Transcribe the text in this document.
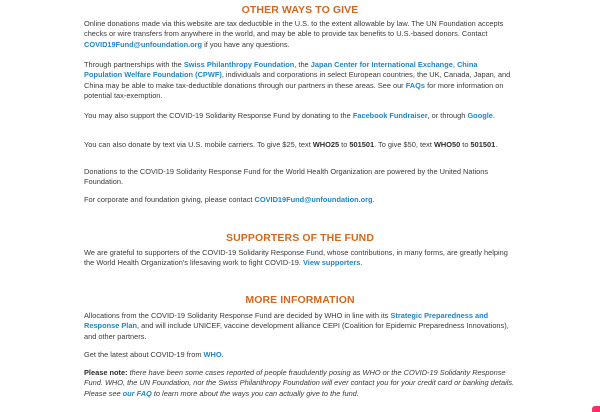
OTHER WAYS TO GIVE

Online donations made via this website are tax deductible in the U.S. to the extent allowable by law. The UN Foundation accepts checks or wire transfers from anywhere in the world, and may be able to provide tax benefits to U.S.-based donors. Contact COVID19Fund@unfoundation.org if you have any questions.

Through partnerships with the Swiss Philanthropy Foundation, the Japan Center for International Exchange, China Population Welfare Foundation (CPWF), individuals and corporations in select European countries, the UK, Canada, Japan, and China may be able to make tax-deductible donations through our partners in these areas. See our FAQs for more information on potential tax-exemption.

You may also support the COVID-19 Solidarity Response Fund by donating to the Facebook Fundraiser, or through Google.

You can also donate by text via U.S. mobile carriers. To give $25, text WHO25 to 501501. To give $50, text WHO50 to 501501.

Donations to the COVID-19 Solidarity Response Fund for the World Health Organization are powered by the United Nations Foundation.

For corporate and foundation giving, please contact COVID19Fund@unfoundation.org.

SUPPORTERS OF THE FUND

We are grateful to supporters of the COVID-19 Solidarity Response Fund, whose contributions, in many forms, are greatly helping the World Health Organization's lifesaving work to fight COVID-19. View supporters.

MORE INFORMATION

Allocations from the COVID-19 Solidarity Response Fund are decided by WHO in line with its Strategic Preparedness and Response Plan, and will include UNICEF, vaccine development alliance CEPI (Coalition for Epidemic Preparedness Innovations), and other partners.

Get the latest about COVID-19 from WHO.

Please note: there have been some cases reported of people fraudulently posing as WHO or the COVID-19 Solidarity Response Fund. WHO, the UN Foundation, nor the Swiss Philanthropy Foundation will ever contact you for your credit card or banking details. Please see our FAQ to learn more about the ways you can actually give to the fund.
